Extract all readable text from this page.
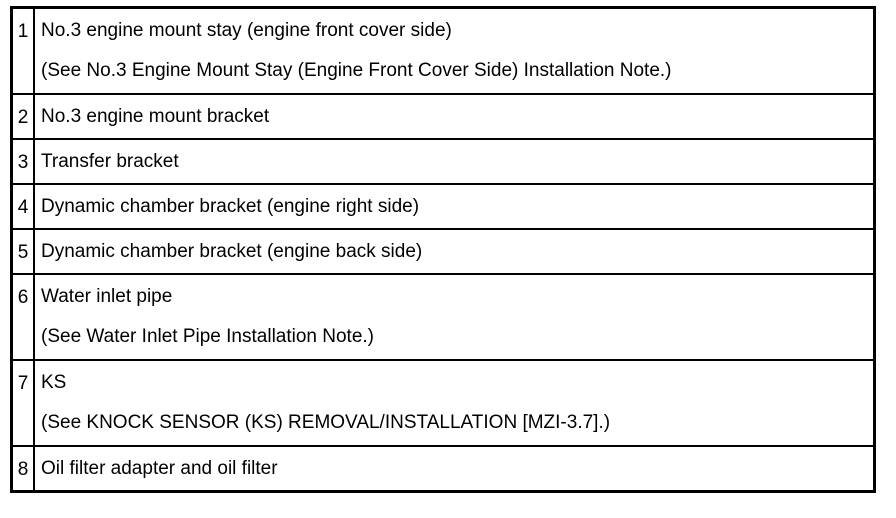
1	No.3 engine mount stay (engine front cover side)
(See No.3 Engine Mount Stay (Engine Front Cover Side) Installation Note.)

2	No.3 engine mount bracket

3	Transfer bracket

4	Dynamic chamber bracket (engine right side)

5	Dynamic chamber bracket (engine back side)

6	Water inlet pipe
(See Water Inlet Pipe Installation Note.)

7	KS
(See KNOCK SENSOR (KS) REMOVAL/INSTALLATION [MZI-3.7].)

8	Oil filter adapter and oil filter
